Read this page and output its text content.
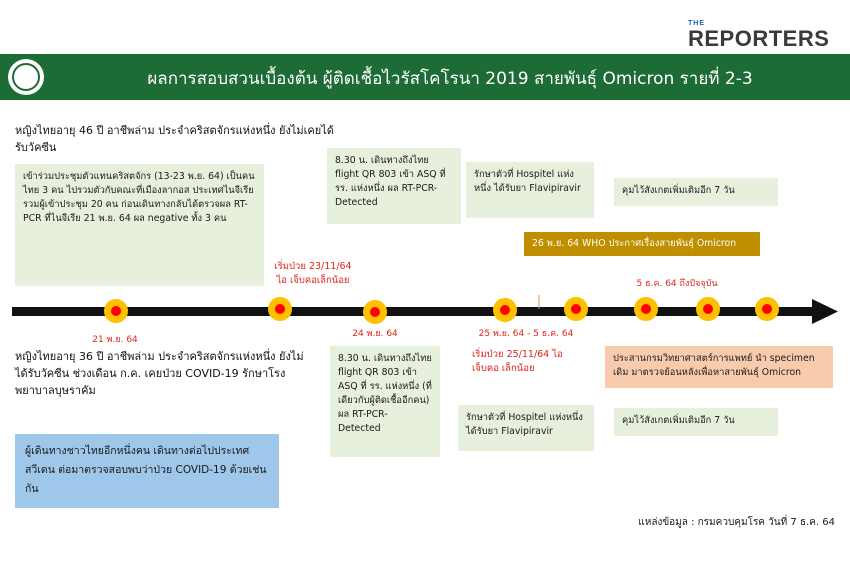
THE
REPORTERS
ผลการสอบสวนเบื้องต้น ผู้ติดเชื้อไวรัสโคโรนา 2019 สายพันธุ์ Omicron รายที่ 2-3
หญิงไทยอายุ 46 ปี อาชีพล่าม ประจำคริสตจักรแห่งหนึ่ง ยังไม่เคยได้รับวัคซีน
เข้าร่วมประชุมตัวแทนคริสตจักร (13-23 พ.ย. 64) เป็นคนไทย 3 คน ไปรวมตัวกับคณะที่เมืองลากอส ประเทศไนจีเรีย รวมผู้เข้าประชุม 20 คน ก่อนเดินทางกลับได้ตรวจผล RT-PCR ที่ไนจีเรีย 21 พ.ย. 64 ผล negative ทั้ง 3 คน
8.30 น. เดินทางถึงไทย flight QR 803 เข้า ASQ ที่ รร. แห่งหนึ่ง ผล RT-PCR- Detected
รักษาตัวที่ Hospitel แห่งหนึ่ง ได้รับยา Flavipiravir	คุมไว้สังเกตเพิ่มเติมอีก 7 วัน
26 พ.ย. 64 WHO ประกาศเรื่องสายพันธุ์ Omicron
เริ่มป่วย 23/11/64 ไอ เจ็บคอเล็กน้อย	5 ธ.ค. 64 ถึงปัจจุบัน
21 พ.ย. 64
24 พ.ย. 64	25 พ.ย. 64 - 5 ธ.ค. 64
หญิงไทยอายุ 36 ปี อาชีพล่าม ประจำคริสตจักรแห่งหนึ่ง ยังไม่ได้รับวัคซีน ช่วงเดือน ก.ค. เคยป่วย COVID-19 รักษาโรงพยาบาลบุษราคัม
8.30 น. เดินทางถึงไทย flight QR 803 เข้า ASQ ที่ รร. แห่งหนึ่ง (ที่เดียวกับผู้ติดเชื้ออีกคน) ผล RT-PCR- Detected
เริ่มป่วย 25/11/64 ไอ เจ็บคอ เล็กน้อย
ประสานกรมวิทยาศาสตร์การแพทย์ นำ specimen เดิม มาตรวจย้อนหลังเพื่อหาสายพันธุ์ Omicron
รักษาตัวที่ Hospitel แห่งหนึ่ง ได้รับยา Flavipiravir
คุมไว้สังเกตเพิ่มเติมอีก 7 วัน
ผู้เดินทางชาวไทยอีกหนึ่งคน เดินทางต่อไปประเทศสวีเดน ต่อมาตรวจสอบพบว่าป่วย COVID-19 ด้วยเช่นกัน
แหล่งข้อมูล : กรมควบคุมโรค วันที่ 7 ธ.ค. 64
